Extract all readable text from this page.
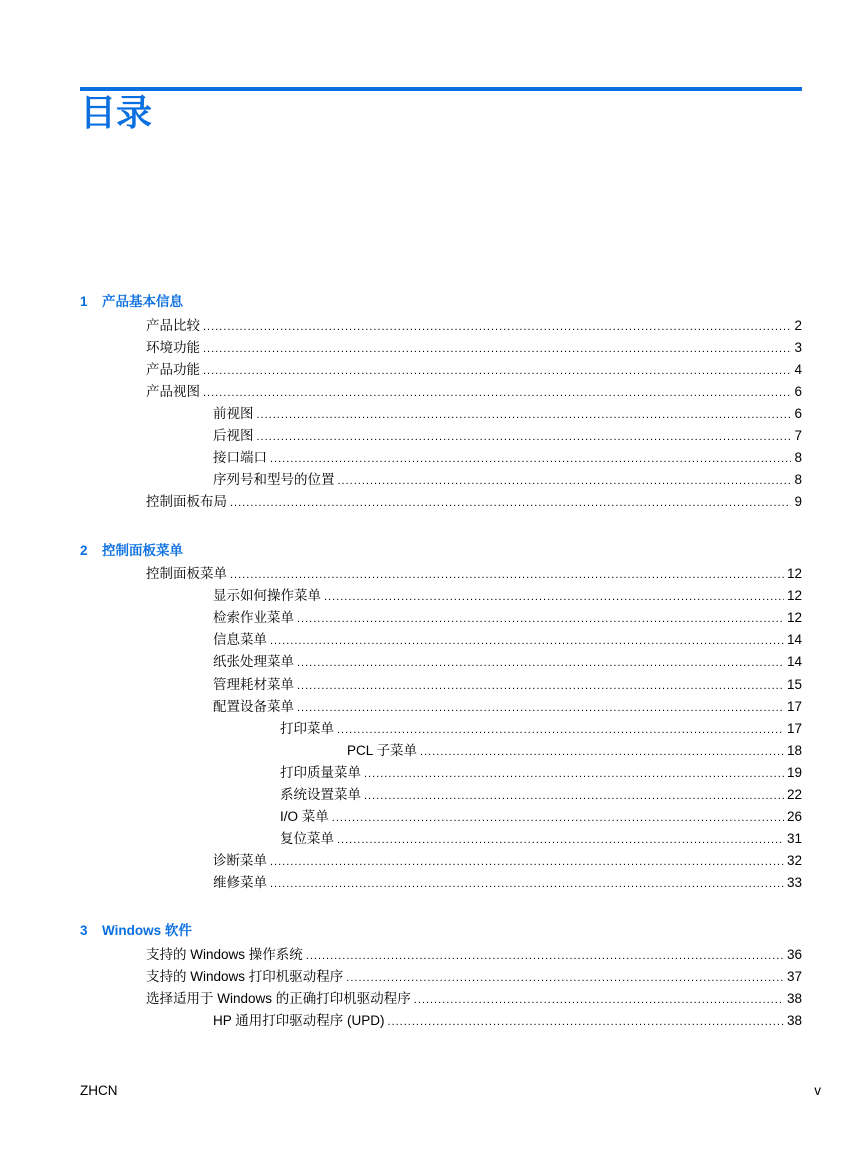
目录
1 产品基本信息
产品比较 .....	2
环境功能 .....	3
产品功能 .....	4
产品视图 .....	6
前视图 .....	6
后视图 .....	7
接口端口 .....	8
序列号和型号的位置 .....	8
控制面板布局 .....	9
2 控制面板菜单
控制面板菜单 .....	12
显示如何操作菜单 .....	12
检索作业菜单 .....	12
信息菜单 .....	14
纸张处理菜单 .....	14
管理耗材菜单 .....	15
配置设备菜单 .....	17
打印菜单 .....	17
PCL 子菜单 .....	18
打印质量菜单 .....	19
系统设置菜单 .....	22
I/O 菜单 .....	26
复位菜单 .....	31
诊断菜单 .....	32
维修菜单 .....	33
3 Windows 软件
支持的 Windows 操作系统 .....	36
支持的 Windows 打印机驱动程序 .....	37
选择适用于 Windows 的正确打印机驱动程序 .....	38
HP 通用打印驱动程序 (UPD) .....	38
ZHCN	v
